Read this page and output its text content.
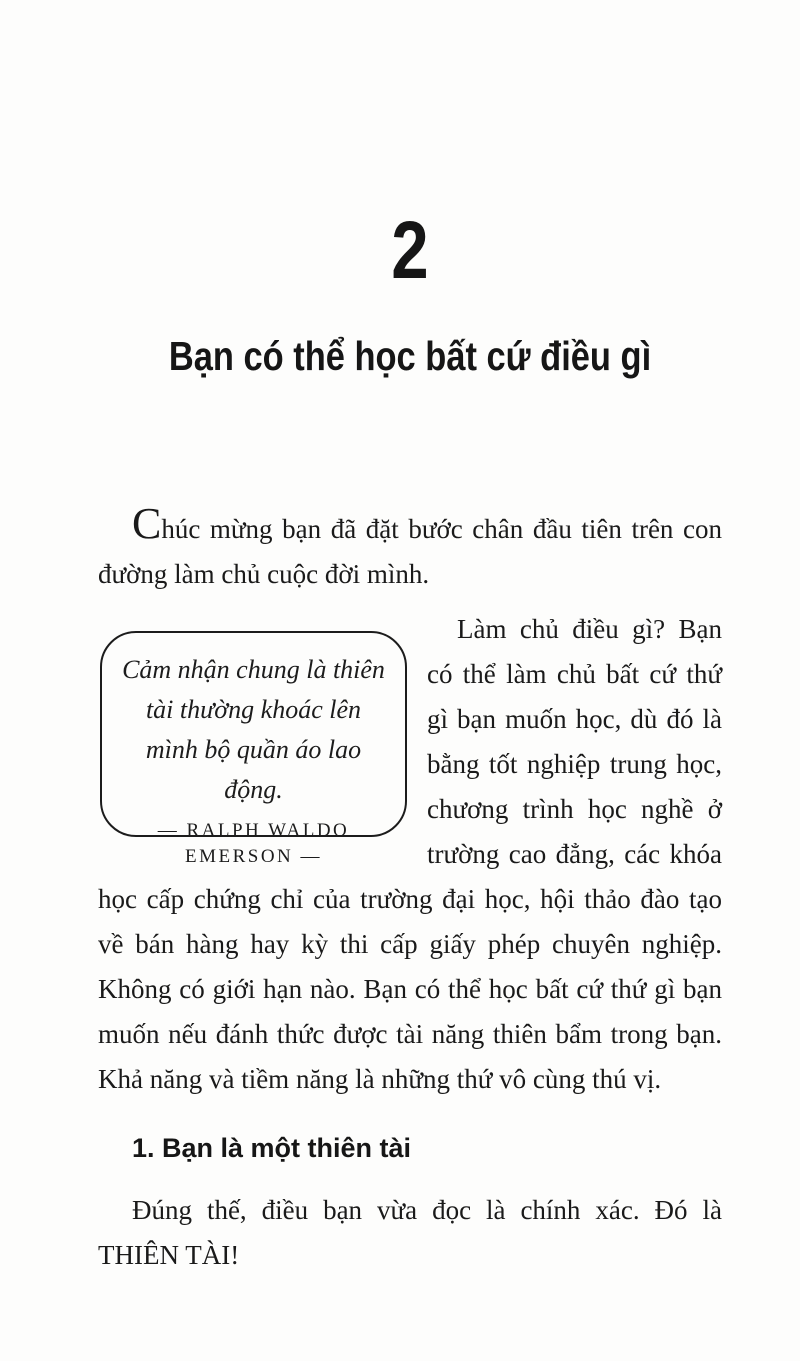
2
Bạn có thể học bất cứ điều gì
Chúc mừng bạn đã đặt bước chân đầu tiên trên con đường làm chủ cuộc đời mình.
Cảm nhận chung là thiên tài thường khoác lên mình bộ quần áo lao động.
— RALPH WALDO EMERSON —
Làm chủ điều gì? Bạn có thể làm chủ bất cứ thứ gì bạn muốn học, dù đó là bằng tốt nghiệp trung học, chương trình học nghề ở trường cao đẳng, các khóa học cấp chứng chỉ của trường đại học, hội thảo đào tạo về bán hàng hay kỳ thi cấp giấy phép chuyên nghiệp. Không có giới hạn nào. Bạn có thể học bất cứ thứ gì bạn muốn nếu đánh thức được tài năng thiên bẩm trong bạn. Khả năng và tiềm năng là những thứ vô cùng thú vị.
1. Bạn là một thiên tài
Đúng thế, điều bạn vừa đọc là chính xác. Đó là THIÊN TÀI!
